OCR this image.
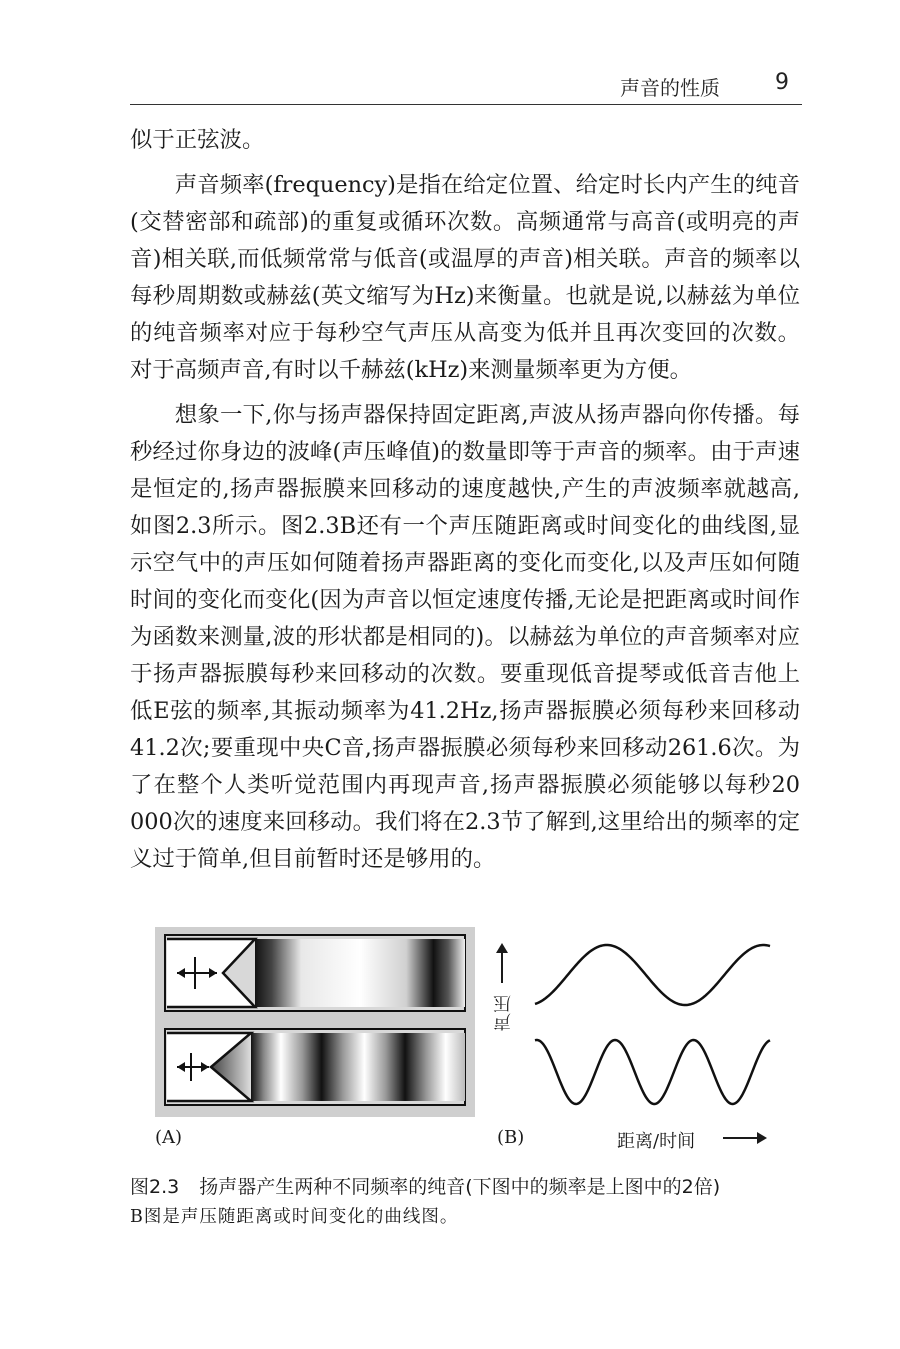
声音的性质	9

似于正弦波。

声音频率(frequency)是指在给定位置、给定时长内产生的纯音(交替密部和疏部)的重复或循环次数。高频通常与高音(或明亮的声音)相关联,而低频常常与低音(或温厚的声音)相关联。声音的频率以每秒周期数或赫兹(英文缩写为Hz)来衡量。也就是说,以赫兹为单位的纯音频率对应于每秒空气声压从高变为低并且再次变回的次数。对于高频声音,有时以千赫兹(kHz)来测量频率更为方便。

想象一下,你与扬声器保持固定距离,声波从扬声器向你传播。每秒经过你身边的波峰(声压峰值)的数量即等于声音的频率。由于声速是恒定的,扬声器振膜来回移动的速度越快,产生的声波频率就越高,如图2.3所示。图2.3B还有一个声压随距离或时间变化的曲线图,显示空气中的声压如何随着扬声器距离的变化而变化,以及声压如何随时间的变化而变化(因为声音以恒定速度传播,无论是把距离或时间作为函数来测量,波的形状都是相同的)。以赫兹为单位的声音频率对应于扬声器振膜每秒来回移动的次数。要重现低音提琴或低音吉他上低E弦的频率,其振动频率为41.2Hz,扬声器振膜必须每秒来回移动41.2次;要重现中央C音,扬声器振膜必须每秒来回移动261.6次。为了在整个人类听觉范围内再现声音,扬声器振膜必须能够以每秒20 000次的速度来回移动。我们将在2.3节了解到,这里给出的频率的定义过于简单,但目前暂时还是够用的。

声压
(A)	(B)	距离/时间
图2.3 扬声器产生两种不同频率的纯音(下图中的频率是上图中的2倍)
B图是声压随距离或时间变化的曲线图。
